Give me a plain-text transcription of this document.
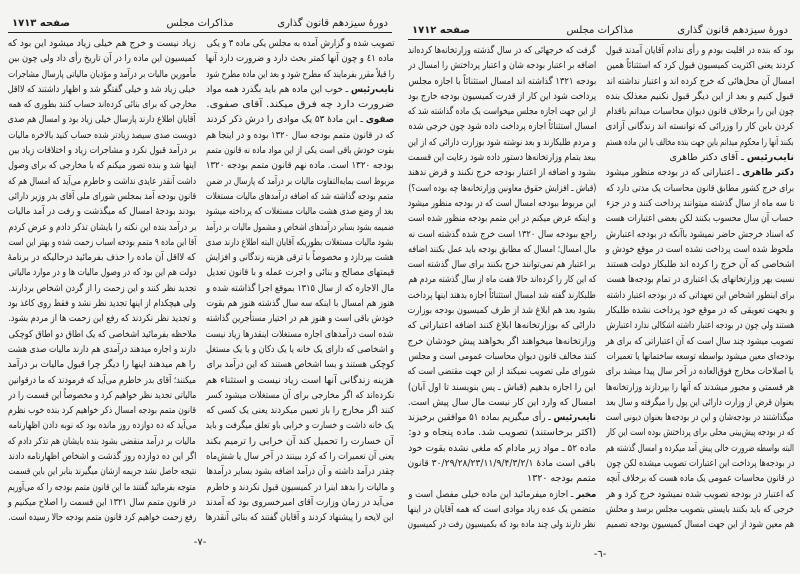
دورهٔ سیزدهم قانون گذاری
مذاکرات مجلس
صفحه ۱۷۱۳
تصویب شده و گزارش آمده به مجلس یکی ماده ۳ و یکی
ماده ٤١ و چون آنها کمتر بحث دارد و ضرورت دارد آنها
را قبلاً مقرر بفرمایند که مطرح شود و بعد این ماده مطرح شود
نایب‌رئیس ـ خوب این ماده هم باید بگذرد همه مواد
ضرورت دارد چه فرق میکند. آقای صفوی.
صفوی ـ این مادهٔ ۵۳ یک موادی را درش ذکر کردند
که در قانون متمم بودجه سال ۱۳۲۰ بوده و در اینجا هم
بقوت خودش باقی است یکی از این مواد ماده نه قانون متمم
بودجه ۱۳۲۰ است. ماده نهم قانون متمم بودجه ۱۳۲۰
مربوط است بمابه‌التفاوت مالیات بر درآمد که پارسال در ضمن
متمم بودجه گذاشته شد که اضافه درآمدهای مالیات مستغلات
بعد از وضع صدی هشت مالیات مستغلات که پرداخته میشود
ضمیمه بشود بسایر درآمدهای اشخاص و مشمول مالیات بر درآمد
بشود مالیات مستغلات بطوریکه آقایان البته اطلاع دارند صدی
هشت بپردازد و مخصوصاً با ترقی هزینه زندگانی و افزایش
قیمتهای مصالح و بنائی و اجرت عمله و با قانون تعدیل
مال الاجاره که از سال ۱۳۱۵ بموقع اجرا گذاشته شده و
هنوز هم امسال با اینکه سه سال گذشته هنوز هم بقوت
خودش باقی است و هنوز هم در اختیار مستأجرین گذاشته
شده است درآمدهای اجاره مستغلات اینقدرها زیاد نیست
و اشخاصی که دارای یک خانه یا یک دکان و یا یک مستغل
کوچکی هستند و بسا اشخاص هستند که این درآمد برای
هزینه زندگانی آنها است زیاد نیست و استثناء هم
نکرده‌اند که اگر مخارجی برای آن مستغلات میشود کسر
کنند اگر مخارج را باز تعیین میکردند یعنی یک کسی که
یک خانه داشت و خسارت و خرابی باو تعلق میگرفت و باید
آن خسارت را تحمیل کند آن خرابی را ترمیم بکند
یعنی آن تعمیرات را که کرد ببینند در آخر سال یا شش‌ماه
چقدر درآمد داشته و آن درآمد اضافه بشود بسایر درآمدها
و مالیات را بدهد اینرا در کمیسیون قبول نکردند و خاطرم
می‌آید در زمان وزارت آقای امیرخسروی بود که آمدند
این لایحه را پیشنهاد کردند و آقایان گفتند که بنائی آنقدرها
زیاد نیست و خرج هم خیلی زیاد میشود این بود که
کمیسیون این ماده را در آن تاریخ رأی داد ولی چون بین
مأمورین مالیات بر درآمد و مؤدیان مالیاتی پارسال مشاجرات
خیلی زیاد شد و خیلی گفتگو شد و اظهار داشتند که لااقل
مخارجی که برای بنائی کرده‌اند حساب کنند بطوری که همه
آقایان اطلاع دارند پارسال خیلی زیاد بود و امسال هم صدی
دویست صدی سیصد زیادتر شده حساب کنید بالاخره مالیات
بر درآمد قبول نکرد و مشاجرات زیاد و اختلافات زیاد بین
اینها شد و بنده تصور میکنم که با مخارجی که برای وصول
داشت آنقدر عایدی نداشت و خاطرم می‌آید که امسال هم که
قانون بودجه آمد بمجلس شورای ملی آقای بدر وزیر دارائی
بودند بودجهٔ امسال که میگذشت و رفت در آمد مالیات
بر درآمد بنده این نکته را بایشان تذکر دادم و عرض کردم
آقا این ماده ۹ متمم بودجه اسباب زحمت شده و بهتر این است
که لااقل آن ماده را حذف بفرمائید درحالیکه در برنامهٔ
دولت هم این بود که در وصول مالیات ها و در موارد مالیاتی
تجدید نظر کنند و این زحمت را از گردن اشخاص بردارند.
ولی هیچکدام از اینها تجدید نظر نشد و فقط روی کاغذ بود
و تجدید نظر نکردند که رفع این زحمت ها از مردم بشود.
ملاحظه بفرمائید اشخاصی که یک اطاق دو اطاق کوچکی
دارند و اجاره میدهند درآمدی هم دارند مالیات صدی هشت
را هم میدهند اینها را دیگر چرا قبول مالیات بر درآمد
میکنند؛ آقای بدر خاطرم می‌آید که فرمودند که ما درقوانین
مالیاتی تجدید نظر خواهیم کرد و مخصوصاً این قسمت را در
قانون متمم بودجه امسال ذکر خواهیم کرد بنده خوب نظرم
می‌آید که ده دوازده روز مانده بود که نوبه دادن اظهارنامه
مالیات بر درآمد منقضی بشود بنده بایشان هم تذکر دادم که
اگر این ده دوازده روز گذشت و اشخاص اظهارنامه دادند
نتیجه حاصل نشد جریمه ازشان میگیرند بنابر این باین قسمت
متوجه بفرمائید گفتند ما این قانون متمم بودجه را که می‌آوریم
در قانون متمم سال ۱۳۲۱ این قسمت را اصلاح میکنیم و
رفع زحمت خواهیم کرد قانون متمم بودجه حالا رسیده است.
-٧-
دورهٔ سیزدهم قانون گذاری
مذاکرات مجلس
صفحه ۱۷۱۲
بود که بنده در اقلیت بودم و رأی ندادم آقایان آمدند قبول
کردند یعنی اکثریت کمیسیون قبول کرد که استثنائاً همین
امسال آن محل‌هائی که خرج کرده اند و اعتبار نداشته اند
قبول کنیم و بعد از این دیگر قبول نکنیم معذلک بنده
چون این را برخلاف قانون دیوان محاسبات میدانم باقدام
کردن باین کار را وزرائی که توانسته اند زندگانی آزادی
بکنند آنها را محکوم میدانم باین جهت بنده مخالف با این ماده هستم
نایب‌رئیس ـ آقای دکتر طاهری
دکتر طاهری ـ اعتباراتی که در بودجه منظور میشود
برای خرج کشور مطابق قانون محاسبات یک مدتی دارد که
تا سه ماه از سال گذشته میتوانند پرداخت کنند و در جزء
حساب آن سال محسوب بکنند لکن بعضی اعتبارات هست
که اسناد خرجش حاضر نمیشود باآنکه در بودجه اعتبارش
ملحوظ شده است پرداخت نشده است در موقع خودش و
اشخاصی که آن خرج را کرده اند طلبکار دولت هستند
نسبت بهر وزارتخانهای یک اعتباری در تمام بودجه‌ها هست
برای اینطور اشخاص این تعهداتی که در بودجه اعتبار داشته
و بجهت تعویقی که در موقع خود پرداخت نشده طلبکار
هستند ولی چون در بودجه اعتبار داشته اشکالی ندارد اعتبارش
تصویب میشود چند سال است که آن اعتباراتی که برای هر
بودجه‌ای معین میشود بواسطه توسعه ساختمانها یا تعمیرات
یا اصلاحات مخارج فوق‌العاده در آخر سال پیدا میشد برای
هر قسمتی و مجبور میشدند که آنها را بپردازند وزارتخانه‌ها
بعنوان قرض از وزارت دارائی این پول را میگرفته و سال بعد
میگذاشتند در بودجه‌شان و این در بودجه‌ها بعنوان دیونی است
که در بودجه پیش‌بینی محلی برای پرداختش بوده است این کار
البته بواسطه ضرورت خالی پیش آمد میکرده و امسال گذشته هم
در بودجه‌ها پرداخت این اعتبارات تصویب میشده لکن چون
در قانون محاسبات عمومی یک ماده هست که برخلاف آنچه
که اعتبار در بودجه تصویب شده نمیشود خرج کرد و هر
خرجی که باید بکنند بایستی بتصویب مجلس برسد و محلش
هم معین شود از این جهت امسال کمیسیون بودجه تصمیم
گرفت که خرجهائی که در سال گذشته وزارتخانه‌ها کرده‌اند
اضافه بر اعتبار بودجه شان و اعتبار پرداختش را امسال در
بودجه ۱۳۲۱ گذاشته اند امسال استثنائاً با اجازه مجلس
پرداخت شود این کار از قدرت کمیسیون بودجه خارج بود
از این جهت اجازه مجلس میخواست یک ماده گذاشته شد که
امسال استثنائاً اجازه پرداخت داده شود چون خرجی شده
و مردم طلبکارند و بعد نوشته شود بوزارت دارائی که از این
ببعد بتمام وزارتخانه‌ها دستور داده شود رعایت این قسمت
بشود و اضافه از اعتبار بودجه خرج نکنند و قرض ندهند
(قباش ـ افزایش حقوق معاونین وزارتخانه‌ها چه بوده است؟)
این مربوط ببودجه امسال است که در بودجه منظور میشود
و اینکه عرض میکنم در این متمم بودجه منظور شده است
راجع ببودجه سال ۱۳۲۰ است خرج شده گذشته است نه
مال امسال؛ امسال که مطابق بودجه باید عمل بکنند اضافه
بر اعتبار هم نمی‌توانند خرج بکنند برای سال گذشته است
که این کار را کرده‌اند حالا هفت ماه از سال گذشته مردم هم
طلبکارند گفته شد امسال استثنائاً اجازه بدهند اینها پرداخت
بشود بعد هم ابلاغ شد از طرف کمیسیون بودجه بوزارت
دارائی که بوزارتخانه‌ها ابلاغ کنند اضافه اعتباراتی که
وزارتخانه‌ها میخواهند اگر بخواهند پیش خودشان خرج
کنند مخالف قانون دیوان محاسبات عمومی است و مجلس
شورای ملی تصویب نمیکند از این جهت مقتضی است که
این را اجازه بدهیم (قباش ـ پس بنویسند تا اول آبان)
امسال که وارد این کار نیست مال سال پیش است.
نایب‌رئیس ـ رأی میگیریم بماده ۵۱ موافقین برخیزند
(اکثر برخاستند) تصویب شد. ماده پنجاه و دو:
ماده ۵۲ ـ مواد زیر مادام که ملغی نشده بقوت خود
باقی است مادهٔ ۳۰/۲۹/۲۸/۲۳/۱۱/۹/۴/۳/۲/۱ قانون
متمم بودجه ۱۳۲۰
مخبر ـ اجازه میفرمائید این ماده خیلی مفصل است و
متضمن یک عده زیاد موادی است که همه آقایان در اینها
نظر دارند ولی چند ماده بود که بکمیسیون رفت در کمیسیون
-٦-
